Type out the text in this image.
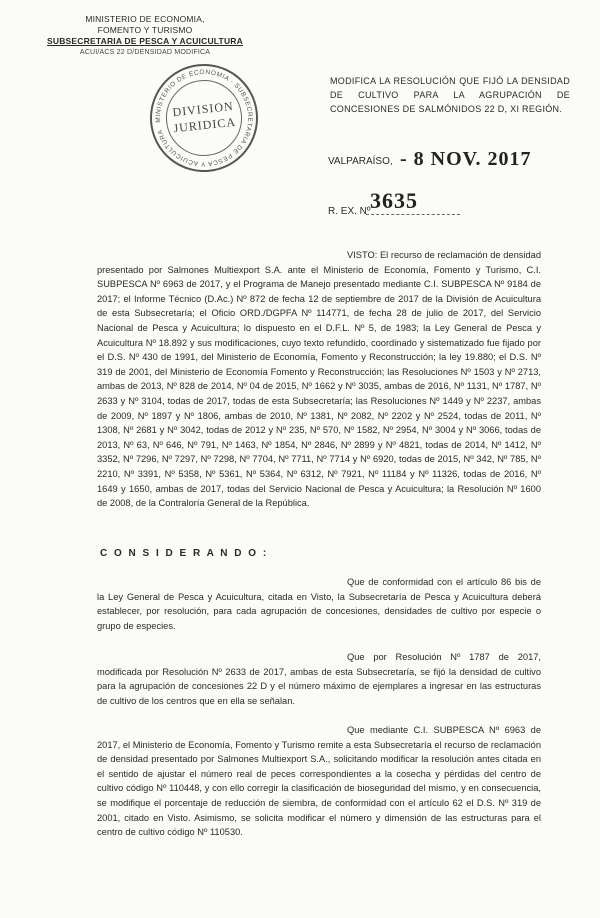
MINISTERIO DE ECONOMIA,
FOMENTO Y TURISMO
SUBSECRETARIA DE PESCA Y ACUICULTURA
ACUI/ACS 22 D/DENSIDAD MODIFICA
MINISTERIO DE ECONOMIA · SUBSECRETARIA DE PESCA Y ACUICULTURA
DIVISION
JURIDICA
MODIFICA LA RESOLUCIÓN QUE FIJÓ LA DENSIDAD DE CULTIVO PARA LA AGRUPACIÓN DE CONCESIONES DE SALMÓNIDOS 22 D, XI REGIÓN.
VALPARAÍSO, - 8 NOV. 2017
3635
R. EX. Nº

VISTO: El recurso de reclamación de densidad presentado por Salmones Multiexport S.A. ante el Ministerio de Economía, Fomento y Turismo, C.I. SUBPESCA Nº 6963 de 2017, y el Programa de Manejo presentado mediante C.I. SUBPESCA Nº 9184 de 2017; el Informe Técnico (D.Ac.) Nº 872 de fecha 12 de septiembre de 2017 de la División de Acuicultura de esta Subsecretaría; el Oficio ORD./DGPFA Nº 114771, de fecha 28 de julio de 2017, del Servicio Nacional de Pesca y Acuicultura; lo dispuesto en el D.F.L. Nº 5, de 1983; la Ley General de Pesca y Acuicultura Nº 18.892 y sus modificaciones, cuyo texto refundido, coordinado y sistematizado fue fijado por el D.S. Nº 430 de 1991, del Ministerio de Economía, Fomento y Reconstrucción; la ley 19.880; el D.S. Nº 319 de 2001, del Ministerio de Economía Fomento y Reconstrucción; las Resoluciones Nº 1503 y Nº 2713, ambas de 2013, Nº 828 de 2014, Nº 04 de 2015, Nº 1662 y Nº 3035, ambas de 2016, Nº 1131, Nº 1787, Nº 2633 y Nº 3104, todas de 2017, todas de esta Subsecretaría; las Resoluciones Nº 1449 y Nº 2237, ambas de 2009, Nº 1897 y Nº 1806, ambas de 2010, Nº 1381, Nº 2082, Nº 2202 y Nº 2524, todas de 2011, Nº 1308, Nº 2681 y Nº 3042, todas de 2012 y Nº 235, Nº 570, Nº 1582, Nº 2954, Nº 3004 y Nº 3066, todas de 2013, Nº 63, Nº 646, Nº 791, Nº 1463, Nº 1854, Nº 2846, Nº 2899 y Nº 4821, todas de 2014, Nº 1412, Nº 3352, Nº 7296, Nº 7297, Nº 7298, Nº 7704, Nº 7711, Nº 7714 y Nº 6920, todas de 2015, Nº 342, Nº 785, Nº 2210, Nº 3391, Nº 5358, Nº 5361, Nº 5364, Nº 6312, Nº 7921, Nº 11184 y Nº 11326, todas de 2016, Nº 1649 y 1650, ambas de 2017, todas del Servicio Nacional de Pesca y Acuicultura; la Resolución Nº 1600 de 2008, de la Contraloría General de la República.

C O N S I D E R A N D O :

Que de conformidad con el artículo 86 bis de la Ley General de Pesca y Acuicultura, citada en Visto, la Subsecretaría de Pesca y Acuicultura deberá establecer, por resolución, para cada agrupación de concesiones, densidades de cultivo por especie o grupo de especies.

Que por Resolución Nº 1787 de 2017, modificada por Resolución Nº 2633 de 2017, ambas de esta Subsecretaría, se fijó la densidad de cultivo para la agrupación de concesiones 22 D y el número máximo de ejemplares a ingresar en las estructuras de cultivo de los centros que en ella se señalan.

Que mediante C.I. SUBPESCA Nº 6963 de 2017, el Ministerio de Economía, Fomento y Turismo remite a esta Subsecretaría el recurso de reclamación de densidad presentado por Salmones Multiexport S.A., solicitando modificar la resolución antes citada en el sentido de ajustar el número real de peces correspondientes a la cosecha y pérdidas del centro de cultivo código Nº 110448, y con ello corregir la clasificación de bioseguridad del mismo, y en consecuencia, se modifique el porcentaje de reducción de siembra, de conformidad con el artículo 62 el D.S. Nº 319 de 2001, citado en Visto. Asimismo, se solicita modificar el número y dimensión de las estructuras para el centro de cultivo código Nº 110530.
